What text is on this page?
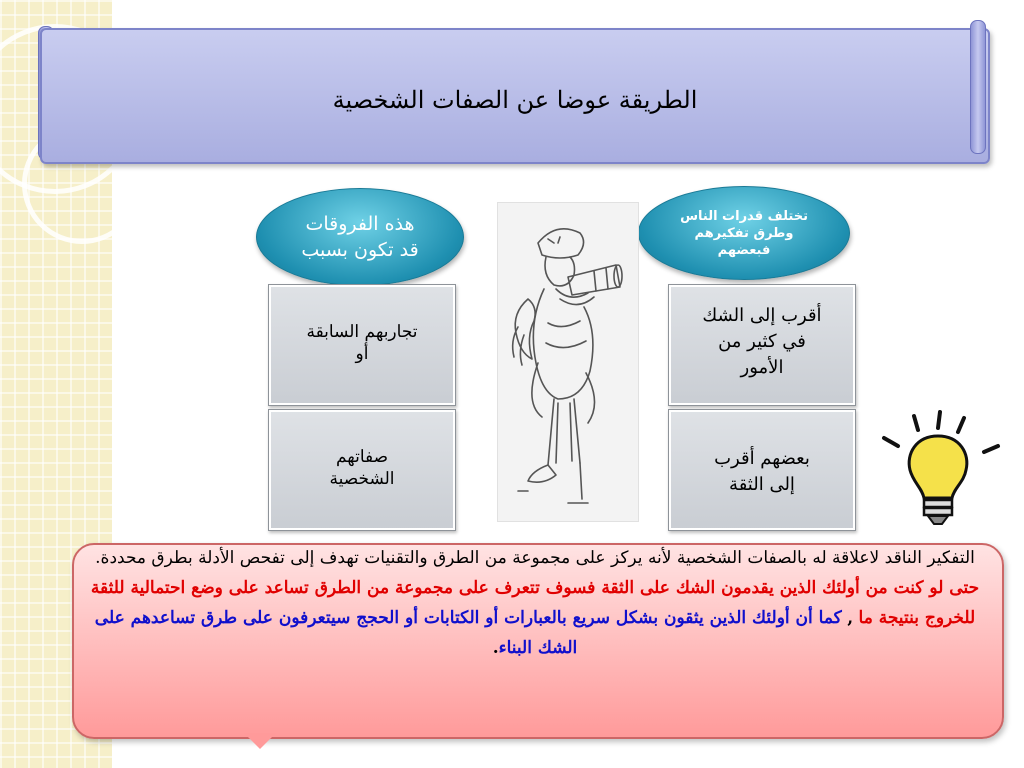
الطريقة عوضا عن الصفات الشخصية
هذه الفروقات
قد تكون بسبب
تختلف قدرات الناس
وطرق تفكيرهم
فبعضهم
تجاربهم السابقة
أو
صفاتهم
الشخصية
أقرب إلى الشك
في كثير من
الأمور
بعضهم أقرب
إلى الثقة
التفكير الناقد لاعلاقة له بالصفات الشخصية لأنه يركز على مجموعة من الطرق والتقنيات تهدف إلى تفحص الأدلة بطرق محددة. حتى لو كنت من أولئك الذين يقدمون الشك على الثقة فسوف تتعرف على مجموعة من الطرق تساعد على وضع احتمالية للثقة للخروج بنتيجة ما , كما أن أولئك الذين يثقون بشكل سريع بالعبارات أو الكتابات أو الحجج سيتعرفون على طرق تساعدهم على الشك البناء.
